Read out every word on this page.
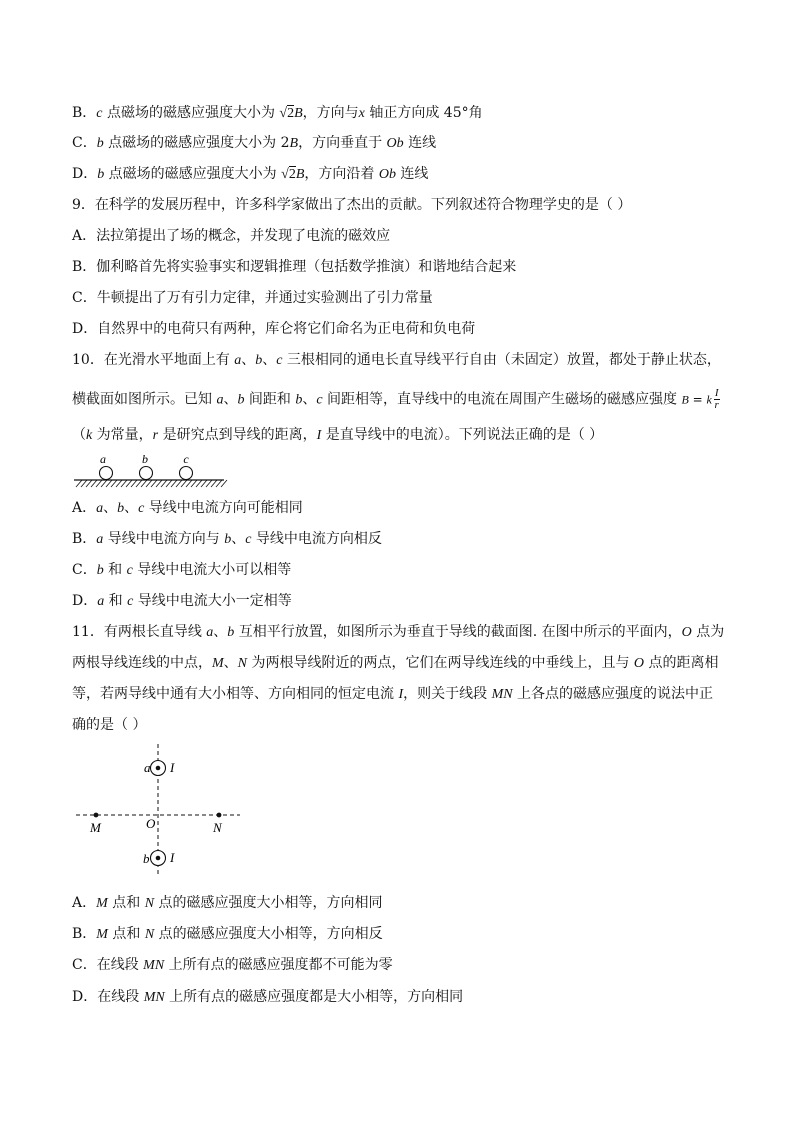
B．c 点磁场的磁感应强度大小为 √2B，方向与x 轴正方向成 45°角
C．b 点磁场的磁感应强度大小为 2B，方向垂直于 Ob 连线
D．b 点磁场的磁感应强度大小为 √2B，方向沿着 Ob 连线
9．在科学的发展历程中，许多科学家做出了杰出的贡献。下列叙述符合物理学史的是（ ）
A．法拉第提出了场的概念，并发现了电流的磁效应
B．伽利略首先将实验事实和逻辑推理（包括数学推演）和谐地结合起来
C．牛顿提出了万有引力定律，并通过实验测出了引力常量
D．自然界中的电荷只有两种，库仑将它们命名为正电荷和负电荷
10．在光滑水平地面上有 a、b、c 三根相同的通电长直导线平行自由（未固定）放置，都处于静止状态，
横截面如图所示。已知 a、b 间距和 b、c 间距相等，直导线中的电流在周围产生磁场的磁感应强度 B = k $\frac{I}{r}$
（k 为常量，r 是研究点到导线的距离，I 是直导线中的电流）。下列说法正确的是（ ）
a	b	c
A．a、b、c 导线中电流方向可能相同
B．a 导线中电流方向与 b、c 导线中电流方向相反
C．b 和 c 导线中电流大小可以相等
D．a 和 c 导线中电流大小一定相等
11．有两根长直导线 a、b 互相平行放置，如图所示为垂直于导线的截面图. 在图中所示的平面内，O 点为
两根导线连线的中点，M、N 为两根导线附近的两点，它们在两导线连线的中垂线上，且与 O 点的距离相
等，若两导线中通有大小相等、方向相同的恒定电流 I，则关于线段 MN 上各点的磁感应强度的说法中正
确的是（ ）
a I
b I
M	N
O
A．M 点和 N 点的磁感应强度大小相等，方向相同
B．M 点和 N 点的磁感应强度大小相等，方向相反
C．在线段 MN 上所有点的磁感应强度都不可能为零
D．在线段 MN 上所有点的磁感应强度都是大小相等，方向相同
